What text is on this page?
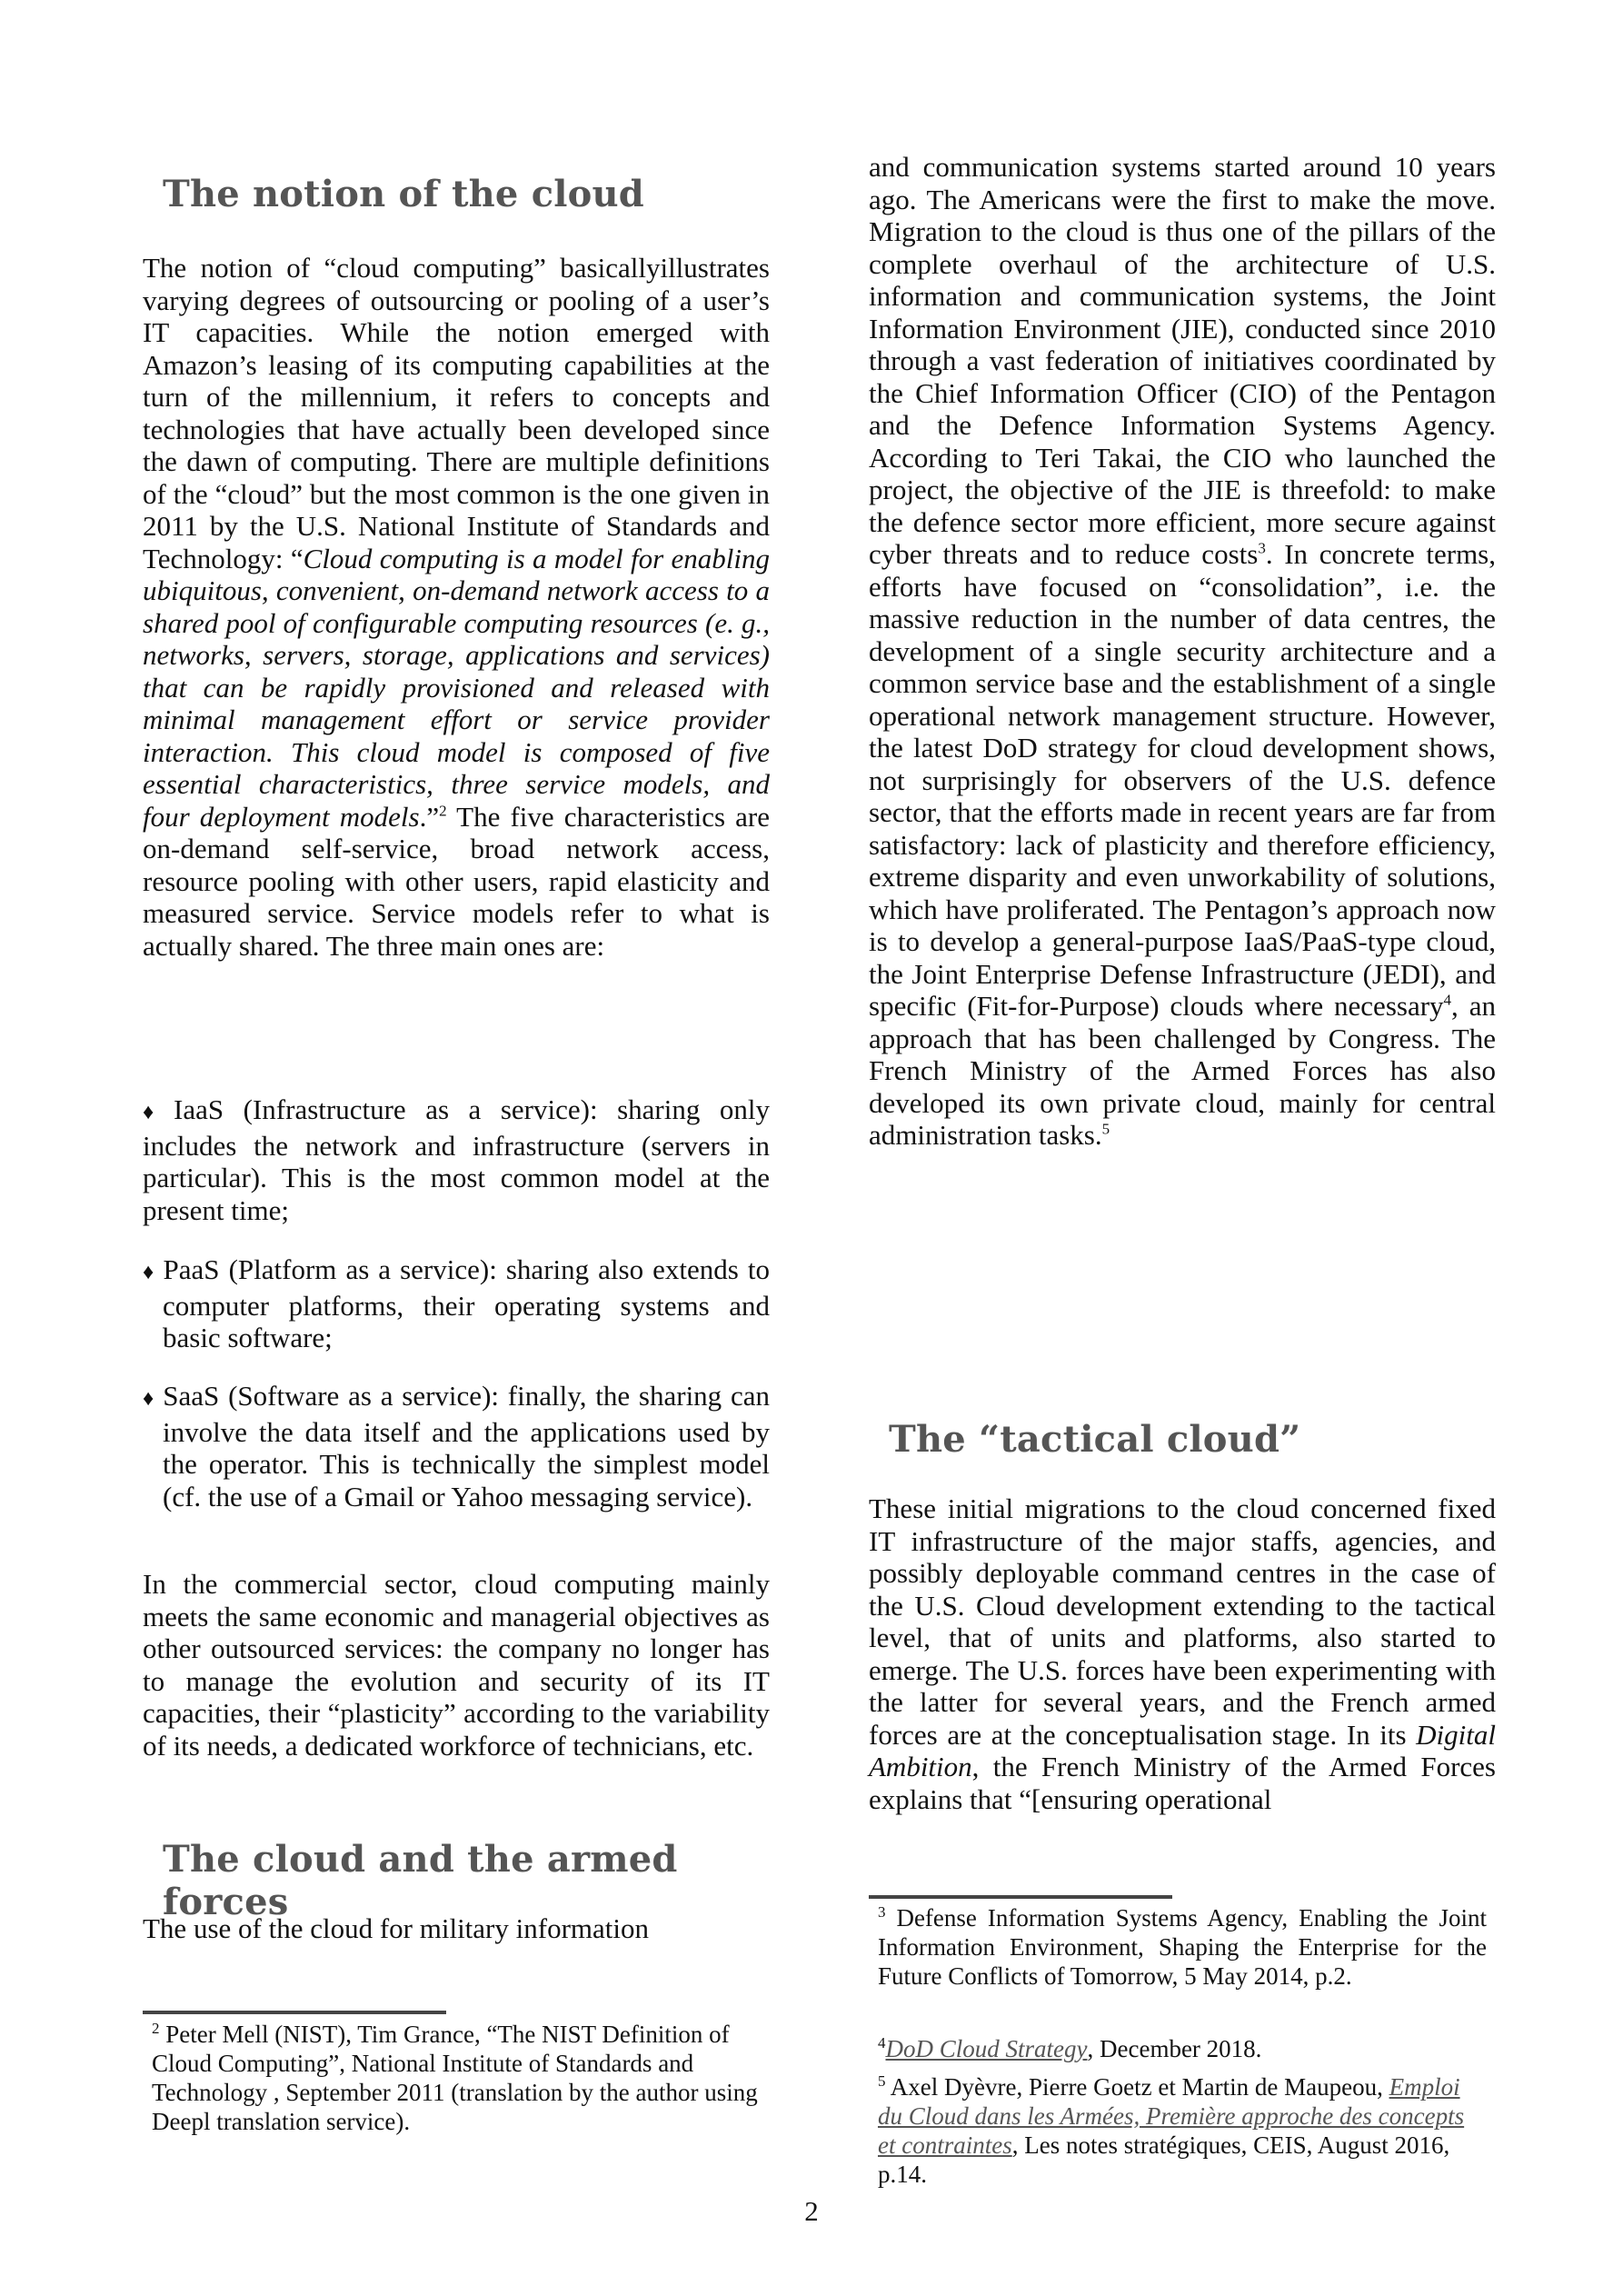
The notion of the cloud

The notion of “cloud computing” basicallyillustrates varying degrees of outsourcing or pooling of a user’s IT capacities. While the notion emerged with Amazon’s leasing of its computing capabilities at the turn of the millennium, it refers to concepts and technologies that have actually been developed since the dawn of computing. There are multiple definitions of the “cloud” but the most common is the one given in 2011 by the U.S. National Institute of Standards and Technology: “Cloud computing is a model for enabling ubiquitous, convenient, on-demand network access to a shared pool of configurable computing resources (e. g., networks, servers, storage, applications and services) that can be rapidly provisioned and released with minimal management effort or service provider interaction. This cloud model is composed of five essential characteristics, three service models, and four deployment models.”$^2$ The five characteristics are on-demand self-service, broad network access, resource pooling with other users, rapid elasticity and measured service. Service models refer to what is actually shared. The three main ones are:

♦ IaaS (Infrastructure as a service): sharing only includes the network and infrastructure (servers in particular). This is the most common model at the present time;

♦ PaaS (Platform as a service): sharing also extends to computer platforms, their operating systems and basic software;

♦ SaaS (Software as a service): finally, the sharing can involve the data itself and the applications used by the operator. This is technically the simplest model (cf. the use of a Gmail or Yahoo messaging service).

In the commercial sector, cloud computing mainly meets the same economic and managerial objectives as other outsourced services: the company no longer has to manage the evolution and security of its IT capacities, their “plasticity” according to the variability of its needs, a dedicated workforce of technicians, etc.

The cloud and the armed forces

The use of the cloud for military information

$^2$ Peter Mell (NIST), Tim Grance, “The NIST Definition of Cloud Computing”, National Institute of Standards and Technology , September 2011 (translation by the author using Deepl translation service).

and communication systems started around 10 years ago. The Americans were the first to make the move. Migration to the cloud is thus one of the pillars of the complete overhaul of the architecture of U.S. information and communication systems, the Joint Information Environment (JIE), conducted since 2010 through a vast federation of initiatives coordinated by the Chief Information Officer (CIO) of the Pentagon and the Defence Information Systems Agency. According to Teri Takai, the CIO who launched the project, the objective of the JIE is threefold: to make the defence sector more efficient, more secure against cyber threats and to reduce costs$^3$. In concrete terms, efforts have focused on “consolidation”, i.e. the massive reduction in the number of data centres, the development of a single security architecture and a common service base and the establishment of a single operational network management structure. However, the latest DoD strategy for cloud development shows, not surprisingly for observers of the U.S. defence sector, that the efforts made in recent years are far from satisfactory: lack of plasticity and therefore efficiency, extreme disparity and even unworkability of solutions, which have proliferated. The Pentagon’s approach now is to develop a general-purpose IaaS/PaaS-type cloud, the Joint Enterprise Defense Infrastructure (JEDI), and specific (Fit-for-Purpose) clouds where necessary$^4$, an approach that has been challenged by Congress. The French Ministry of the Armed Forces has also developed its own private cloud, mainly for central administration tasks.$^5$

The “tactical cloud”

These initial migrations to the cloud concerned fixed IT infrastructure of the major staffs, agencies, and possibly deployable command centres in the case of the U.S. Cloud development extending to the tactical level, that of units and platforms, also started to emerge. The U.S. forces have been experimenting with the latter for several years, and the French armed forces are at the conceptualisation stage. In its Digital Ambition, the French Ministry of the Armed Forces explains that “[ensuring operational

$^3$ Defense Information Systems Agency, Enabling the Joint Information Environment, Shaping the Enterprise for the Future Conflicts of Tomorrow, 5 May 2014, p.2.

$^4$DoD Cloud Strategy, December 2018.

$^5$ Axel Dyèvre, Pierre Goetz et Martin de Maupeou, Emploi du Cloud dans les Armées, Première approche des concepts et contraintes, Les notes stratégiques, CEIS, August 2016, p.14.

2
